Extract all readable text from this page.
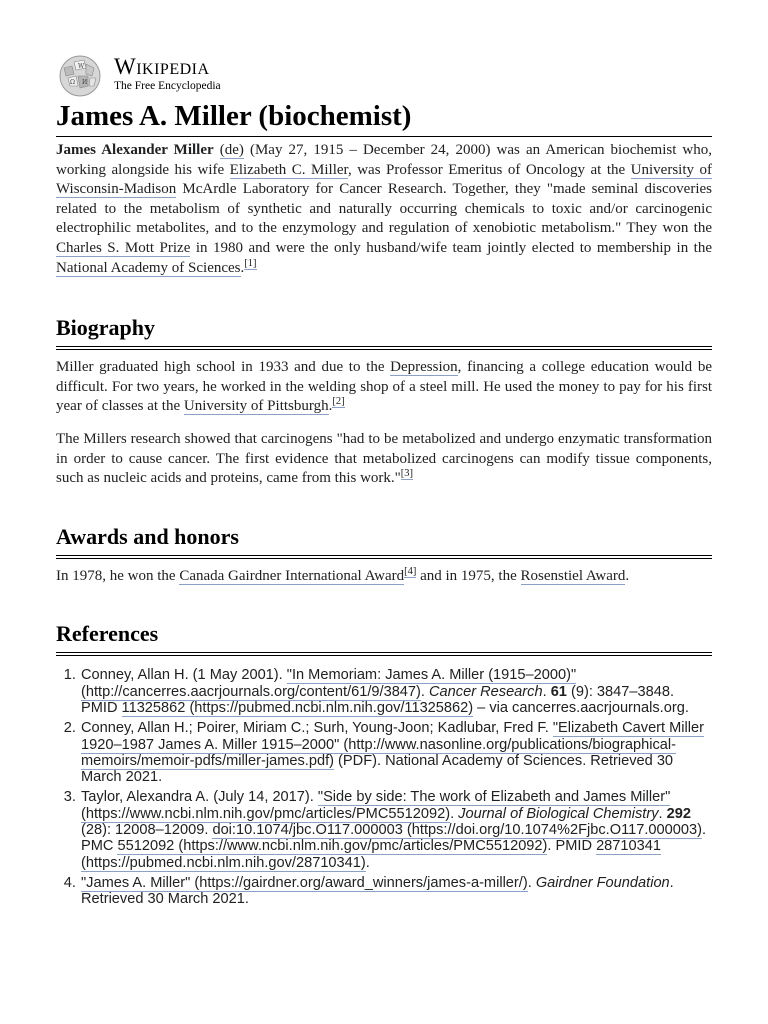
W
Ω И
Wikipedia
The Free Encyclopedia
James A. Miller (biochemist)

James Alexander Miller (de) (May 27, 1915 – December 24, 2000) was an American biochemist who, working alongside his wife Elizabeth C. Miller, was Professor Emeritus of Oncology at the University of Wisconsin-Madison McArdle Laboratory for Cancer Research. Together, they "made seminal discoveries related to the metabolism of synthetic and naturally occurring chemicals to toxic and/or carcinogenic electrophilic metabolites, and to the enzymology and regulation of xenobiotic metabolism." They won the Charles S. Mott Prize in 1980 and were the only husband/wife team jointly elected to membership in the National Academy of Sciences.[1]

Biography

Miller graduated high school in 1933 and due to the Depression, financing a college education would be difficult. For two years, he worked in the welding shop of a steel mill. He used the money to pay for his first year of classes at the University of Pittsburgh.[2]

The Millers research showed that carcinogens "had to be metabolized and undergo enzymatic transformation in order to cause cancer. The first evidence that metabolized carcinogens can modify tissue components, such as nucleic acids and proteins, came from this work."[3]

Awards and honors

In 1978, he won the Canada Gairdner International Award[4] and in 1975, the Rosenstiel Award.

References
1. Conney, Allan H. (1 May 2001). "In Memoriam: James A. Miller (1915–2000)" (http://cancerres.aacrjournals.org/content/61/9/3847). Cancer Research. 61 (9): 3847–3848. PMID 11325862 (https://pubmed.ncbi.nlm.nih.gov/11325862) – via cancerres.aacrjournals.org.
2. Conney, Allan H.; Poirer, Miriam C.; Surh, Young-Joon; Kadlubar, Fred F. "Elizabeth Cavert Miller 1920–1987 James A. Miller 1915–2000" (http://www.nasonline.org/publications/biographical-memoirs/memoir-pdfs/miller-james.pdf) (PDF). National Academy of Sciences. Retrieved 30 March 2021.
3. Taylor, Alexandra A. (July 14, 2017). "Side by side: The work of Elizabeth and James Miller" (https://www.ncbi.nlm.nih.gov/pmc/articles/PMC5512092). Journal of Biological Chemistry. 292 (28): 12008–12009. doi:10.1074/jbc.O117.000003 (https://doi.org/10.1074%2Fjbc.O117.000003). PMC 5512092 (https://www.ncbi.nlm.nih.gov/pmc/articles/PMC5512092). PMID 28710341 (https://pubmed.ncbi.nlm.nih.gov/28710341).
4. "James A. Miller" (https://gairdner.org/award_winners/james-a-miller/). Gairdner Foundation. Retrieved 30 March 2021.
